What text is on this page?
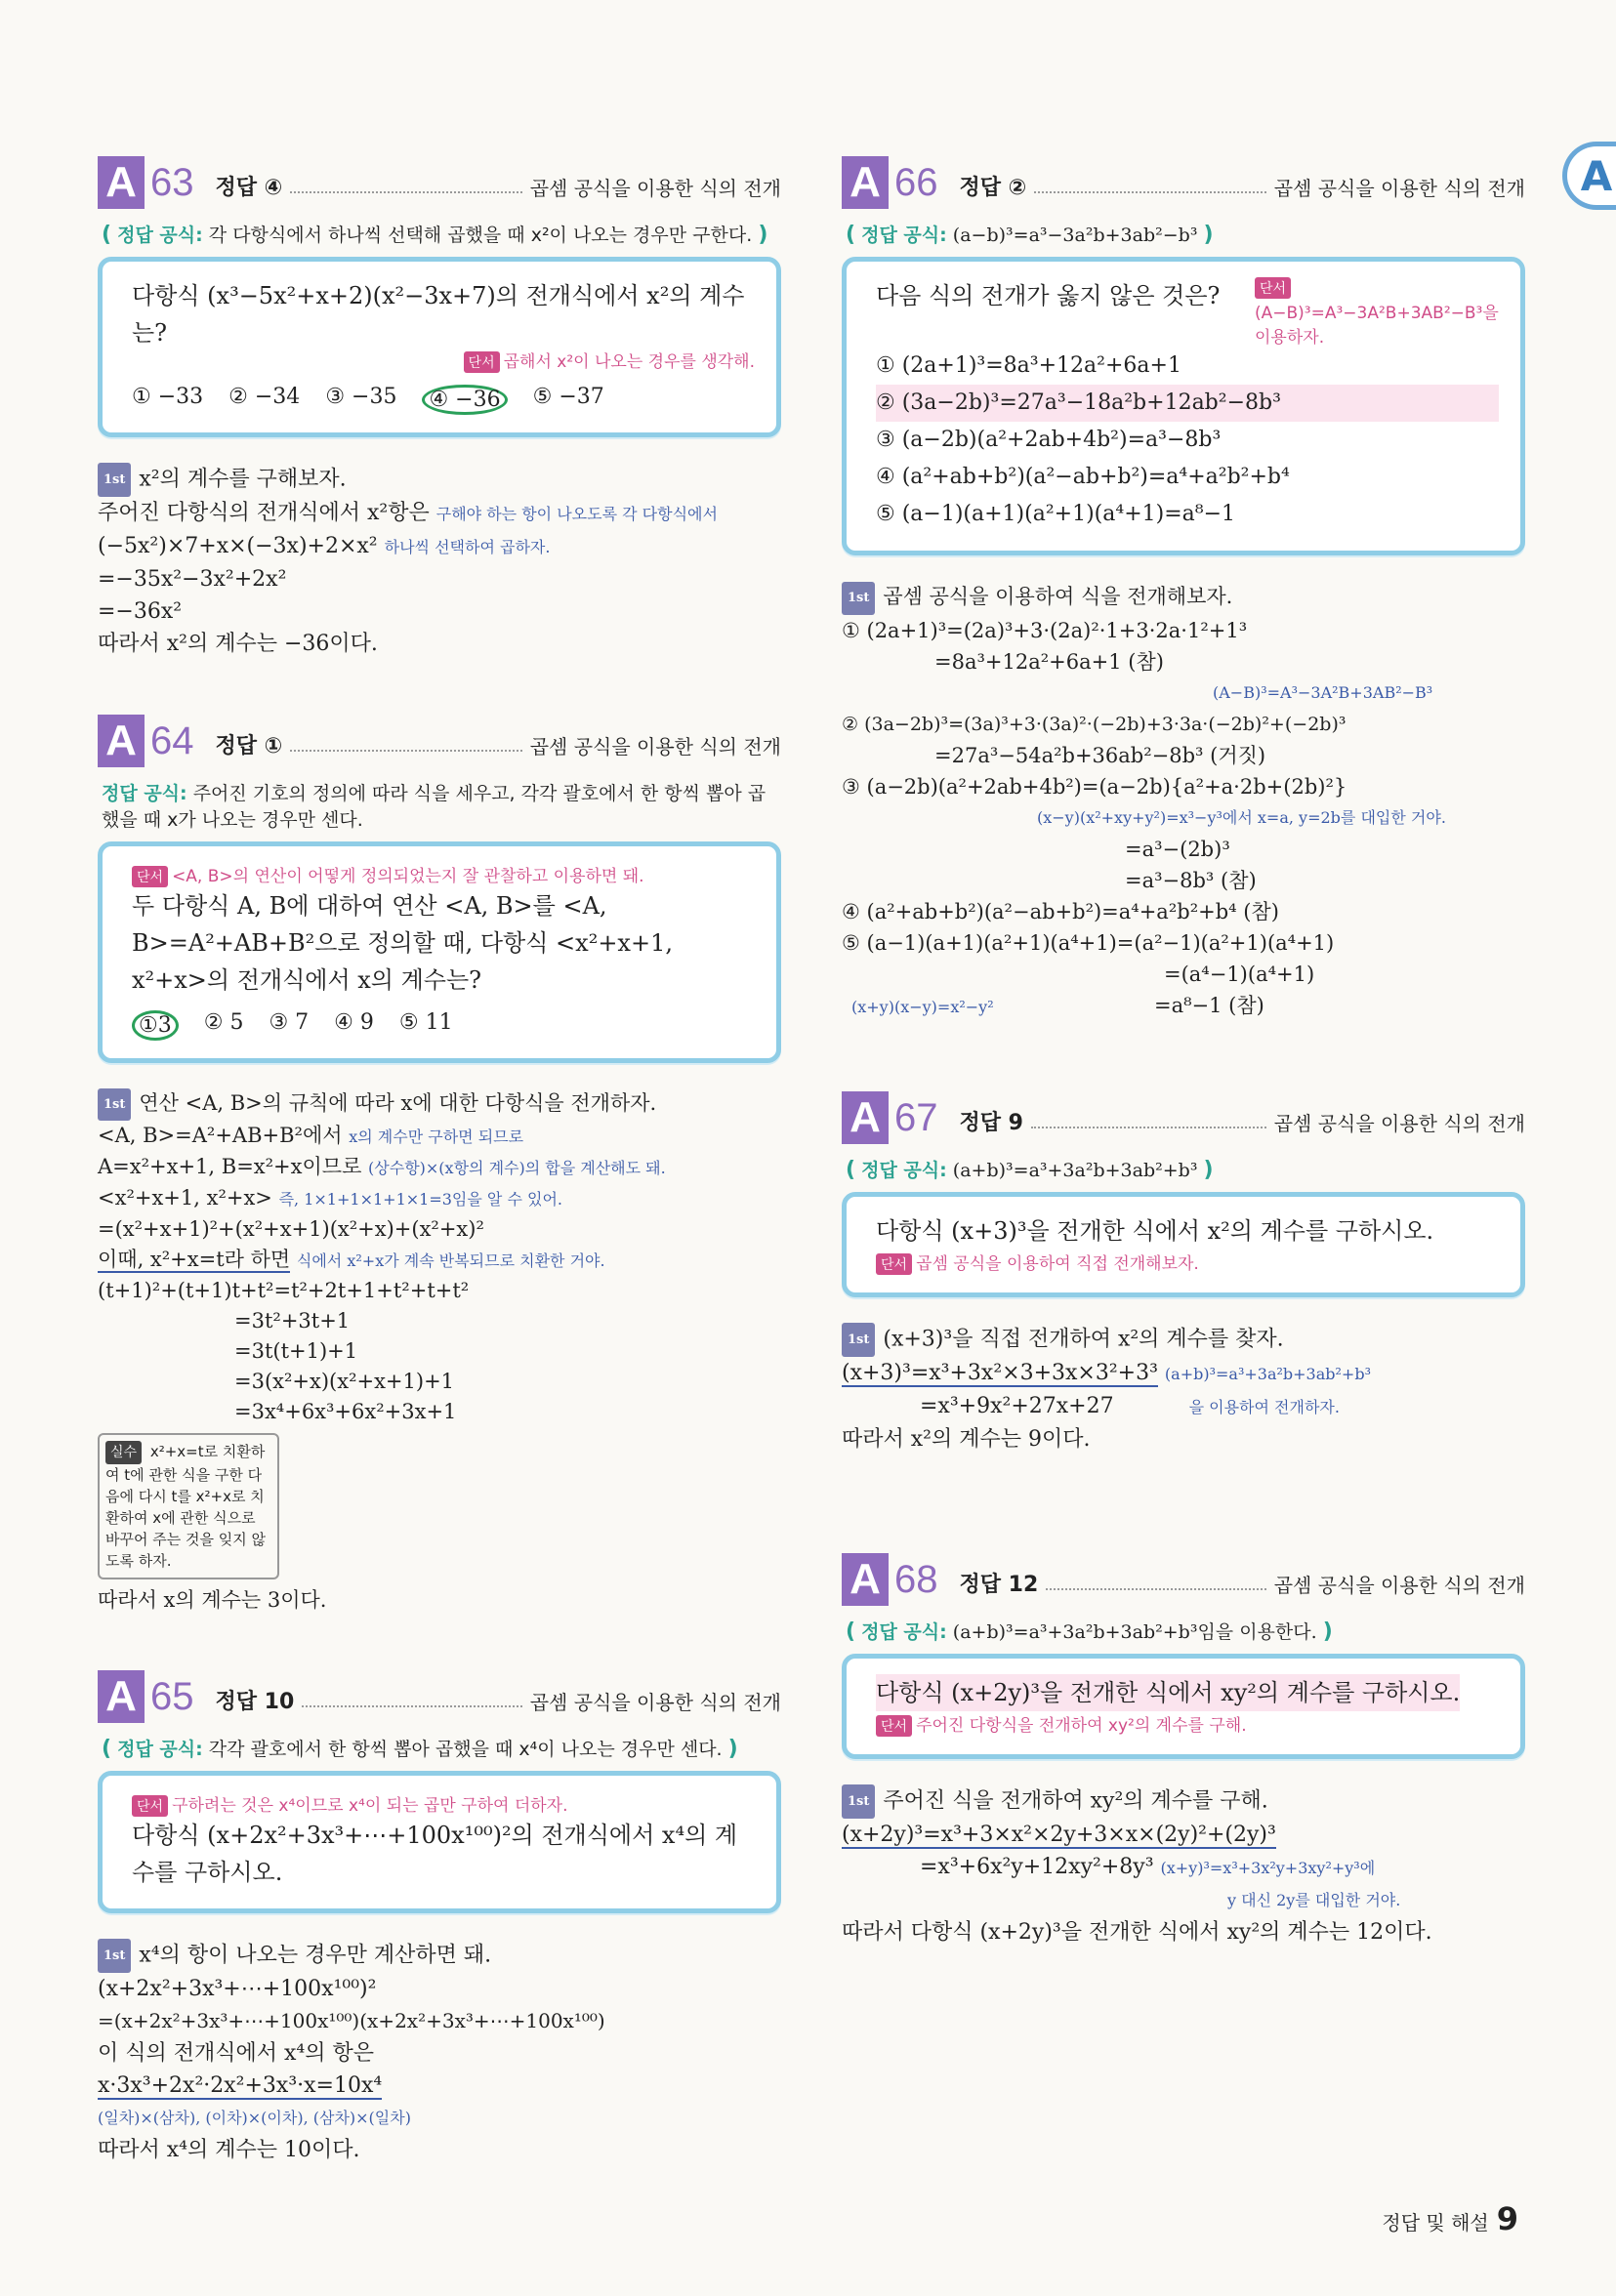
A
A 63 정답 ④	곱셈 공식을 이용한 식의 전개
( 정답 공식: 각 다항식에서 하나씩 선택해 곱했을 때 x²이 나오는 경우만 구한다. )
다항식 (x³−5x²+x+2)(x²−3x+7)의 전개식에서 x²의 계수는?
단서 곱해서 x²이 나오는 경우를 생각해.
① −33 ② −34 ③ −35	④ −36	⑤ −37
1st x²의 계수를 구해보자.
주어진 다항식의 전개식에서 x²항은 구해야 하는 항이 나오도록 각 다항식에서
(−5x²)×7+x×(−3x)+2×x² 하나씩 선택하여 곱하자.
=−35x²−3x²+2x²
=−36x²
따라서 x²의 계수는 −36이다.
A 64 정답 ①	곱셈 공식을 이용한 식의 전개
정답 공식: 주어진 기호의 정의에 따라 식을 세우고, 각각 괄호에서 한 항씩 뽑아 곱했을 때 x가 나오는 경우만 센다.
단서 <A, B>의 연산이 어떻게 정의되었는지 잘 관찰하고 이용하면 돼.
두 다항식 A, B에 대하여 연산 <A, B>를 <A, B>=A²+AB+B²으로 정의할 때, 다항식 <x²+x+1, x²+x>의 전개식에서 x의 계수는?
①3	② 5 ③ 7 ④ 9 ⑤ 11
1st 연산 <A, B>의 규칙에 따라 x에 대한 다항식을 전개하자.
<A, B>=A²+AB+B²에서 x의 계수만 구하면 되므로
A=x²+x+1, B=x²+x이므로 (상수항)×(x항의 계수)의 합을 계산해도 돼.
<x²+x+1, x²+x> 즉, 1×1+1×1+1×1=3임을 알 수 있어.
=(x²+x+1)²+(x²+x+1)(x²+x)+(x²+x)²
이때, x²+x=t라 하면 식에서 x²+x가 계속 반복되므로 치환한 거야.
(t+1)²+(t+1)t+t²=t²+2t+1+t²+t+t²
=3t²+3t+1
=3t(t+1)+1
=3(x²+x)(x²+x+1)+1
=3x⁴+6x³+6x²+3x+1
실수 x²+x=t로 치환하여 t에 관한 식을 구한 다음에 다시 t를 x²+x로 치환하여 x에 관한 식으로 바꾸어 주는 것을 잊지 않도록 하자.
따라서 x의 계수는 3이다.
A 65 정답 10	곱셈 공식을 이용한 식의 전개
( 정답 공식: 각각 괄호에서 한 항씩 뽑아 곱했을 때 x⁴이 나오는 경우만 센다. )
단서 구하려는 것은 x⁴이므로 x⁴이 되는 곱만 구하여 더하자.
다항식 (x+2x²+3x³+⋯+100x¹⁰⁰)²의 전개식에서 x⁴의 계수를 구하시오.
1st x⁴의 항이 나오는 경우만 계산하면 돼.
(x+2x²+3x³+⋯+100x¹⁰⁰)²
=(x+2x²+3x³+⋯+100x¹⁰⁰)(x+2x²+3x³+⋯+100x¹⁰⁰)
이 식의 전개식에서 x⁴의 항은
x·3x³+2x²·2x²+3x³·x=10x⁴
(일차)×(삼차), (이차)×(이차), (삼차)×(일차)
따라서 x⁴의 계수는 10이다.
A 66 정답 ②	곱셈 공식을 이용한 식의 전개
( 정답 공식: (a−b)³=a³−3a²b+3ab²−b³ )
다음 식의 전개가 옳지 않은 것은?	단서(A−B)³=A³−3A²B+3AB²−B³을 이용하자.
① (2a+1)³=8a³+12a²+6a+1
② (3a−2b)³=27a³−18a²b+12ab²−8b³
③ (a−2b)(a²+2ab+4b²)=a³−8b³
④ (a²+ab+b²)(a²−ab+b²)=a⁴+a²b²+b⁴
⑤ (a−1)(a+1)(a²+1)(a⁴+1)=a⁸−1
1st 곱셈 공식을 이용하여 식을 전개해보자.
① (2a+1)³=(2a)³+3·(2a)²·1+3·2a·1²+1³
=8a³+12a²+6a+1 (참)
(A−B)³=A³−3A²B+3AB²−B³
② (3a−2b)³=(3a)³+3·(3a)²·(−2b)+3·3a·(−2b)²+(−2b)³
=27a³−54a²b+36ab²−8b³ (거짓)
③ (a−2b)(a²+2ab+4b²)=(a−2b){a²+a·2b+(2b)²}
(x−y)(x²+xy+y²)=x³−y³에서 x=a, y=2b를 대입한 거야.
=a³−(2b)³
=a³−8b³ (참)
④ (a²+ab+b²)(a²−ab+b²)=a⁴+a²b²+b⁴ (참)
⑤ (a−1)(a+1)(a²+1)(a⁴+1)=(a²−1)(a²+1)(a⁴+1)
=(a⁴−1)(a⁴+1)
(x+y)(x−y)=x²−y²	=a⁸−1 (참)
A 67 정답 9	곱셈 공식을 이용한 식의 전개
( 정답 공식: (a+b)³=a³+3a²b+3ab²+b³ )
다항식 (x+3)³을 전개한 식에서 x²의 계수를 구하시오.
단서 곱셈 공식을 이용하여 직접 전개해보자.
1st (x+3)³을 직접 전개하여 x²의 계수를 찾자.
(x+3)³=x³+3x²×3+3x×3²+3³ (a+b)³=a³+3a²b+3ab²+b³
=x³+9x²+27x+27	을 이용하여 전개하자.
따라서 x²의 계수는 9이다.
A 68 정답 12	곱셈 공식을 이용한 식의 전개
( 정답 공식: (a+b)³=a³+3a²b+3ab²+b³임을 이용한다. )
다항식 (x+2y)³을 전개한 식에서 xy²의 계수를 구하시오.
단서 주어진 다항식을 전개하여 xy²의 계수를 구해.
1st 주어진 식을 전개하여 xy²의 계수를 구해.
(x+2y)³=x³+3×x²×2y+3×x×(2y)²+(2y)³
=x³+6x²y+12xy²+8y³ (x+y)³=x³+3x²y+3xy²+y³에
y 대신 2y를 대입한 거야.
따라서 다항식 (x+2y)³을 전개한 식에서 xy²의 계수는 12이다.
정답 및 해설 9
